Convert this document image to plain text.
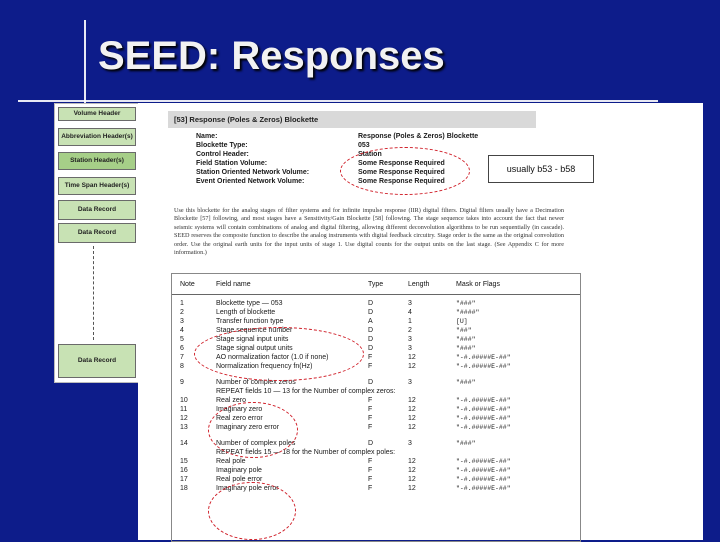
SEED: Responses
Volume Header
Abbreviation Header(s)
Station Header(s)
Time Span Header(s)
Data Record
Data Record
Data Record
[53] Response (Poles & Zeros) Blockette
Name:	Response (Poles & Zeros) Blockette
Blockette Type:	053
Control Header:	Station
Field Station Volume:	Some Response Required
Station Oriented Network Volume:	Some Response Required
Event Oriented Network Volume:	Some Response Required
usually b53 - b58
Use this blockette for the analog stages of filter systems and for infinite impulse response (IIR) digital filters. Digital filters usually have a Decimation Blockette [57] following, and most stages have a Sensitivity/Gain Blockette [58] following. The stage sequence takes into account the fact that newer seismic systems will contain combinations of analog and digital filtering, allowing different deconvolution algorithms to be run sequentially (in cascade). SEED reserves the composite function to describe the analog instruments with digital feedback circuitry. Stage order is the same as the original convolution order. Use the original earth units for the input units of stage 1. Use digital counts for the output units on the last stage. (See Appendix C for more information.)
Note	Field name	Type	Length	Mask or Flags
1	Blockette type — 053	D	3	"###"
2	Length of blockette	D	4	"####"
3	Transfer function type	A	1	[U]
4	Stage sequence number	D	2	"##"
5	Stage signal input units	D	3	"###"
6	Stage signal output units	D	3	"###"
7	AO normalization factor (1.0 if none)	F	12	"-#.#####E-##"
8	Normalization frequency fn(Hz)	F	12	"-#.#####E-##"
9	Number of complex zeros	D	3	"###"
REPEAT fields 10 — 13 for the Number of complex zeros:
10	Real zero	F	12	"-#.#####E-##"
11	Imaginary zero	F	12	"-#.#####E-##"
12	Real zero error	F	12	"-#.#####E-##"
13	Imaginary zero error	F	12	"-#.#####E-##"
14	Number of complex poles	D	3	"###"
REPEAT fields 15 — 18 for the Number of complex poles:
15	Real pole	F	12	"-#.#####E-##"
16	Imaginary pole	F	12	"-#.#####E-##"
17	Real pole error	F	12	"-#.#####E-##"
18	Imaginary pole error	F	12	"-#.#####E-##"
